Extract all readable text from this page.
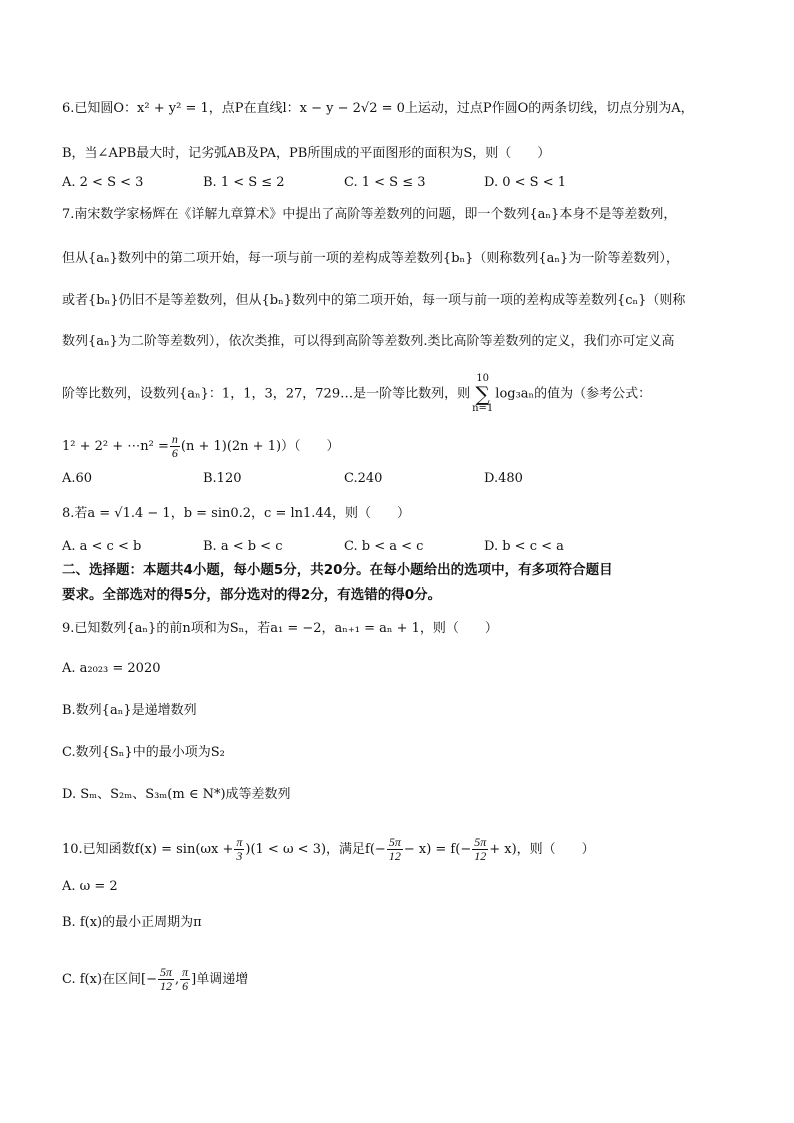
6.已知圆O：x² + y² = 1，点P在直线l：x − y − 2√2 = 0上运动，过点P作圆O的两条切线，切点分别为A，
B，当∠APB最大时，记劣弧AB及PA，PB所围成的平面图形的面积为S，则（　　）
A. 2 < S < 3	B. 1 < S ≤ 2	C. 1 < S ≤ 3	D. 0 < S < 1
7.南宋数学家杨辉在《详解九章算术》中提出了高阶等差数列的问题，即一个数列{aₙ}本身不是等差数列，
但从{aₙ}数列中的第二项开始，每一项与前一项的差构成等差数列{bₙ}（则称数列{aₙ}为一阶等差数列），
或者{bₙ}仍旧不是等差数列，但从{bₙ}数列中的第二项开始，每一项与前一项的差构成等差数列{cₙ}（则称
数列{aₙ}为二阶等差数列），依次类推，可以得到高阶等差数列.类比高阶等差数列的定义，我们亦可定义高
阶等比数列，设数列{aₙ}：1，1，3，27，729…是一阶等比数列，则10
∑
n=1log₃aₙ的值为（参考公式：
1² + 2² + ⋯n² = $\frac{n}{6} (n + 1)(2n + 1)$）（　　）
A.60	B.120	C.240	D.480
8.若a = √1.4 − 1，b = sin0.2，c = ln1.44，则（　　）
A. a < c < b	B. a < b < c	C. b < a < c	D. b < c < a
二、选择题：本题共4小题，每小题5分，共20分。在每小题给出的选项中，有多项符合题目
要求。全部选对的得5分，部分选对的得2分，有选错的得0分。
9.已知数列{aₙ}的前n项和为Sₙ，若a₁ = −2，aₙ₊₁ = aₙ + 1，则（　　）
A. a₂₀₂₃ = 2020
B.数列{aₙ}是递增数列
C.数列{Sₙ}中的最小项为S₂
D. Sₘ、S₂ₘ、S₃ₘ(m ∈ N*)成等差数列
10.已知函数$f(x) = \sin(\omega x + \frac{\pi}{3} )(1 < \omega < 3)$，满足$f(- \frac{5\pi}{12} - x) = f(- \frac{5\pi}{12} + x)$，则（　　）
A. ω = 2
B. f(x)的最小正周期为π
C. f(x)在区间[− $\frac{5\pi}{12}$ , $\frac{\pi}{6}$ ]单调递增
